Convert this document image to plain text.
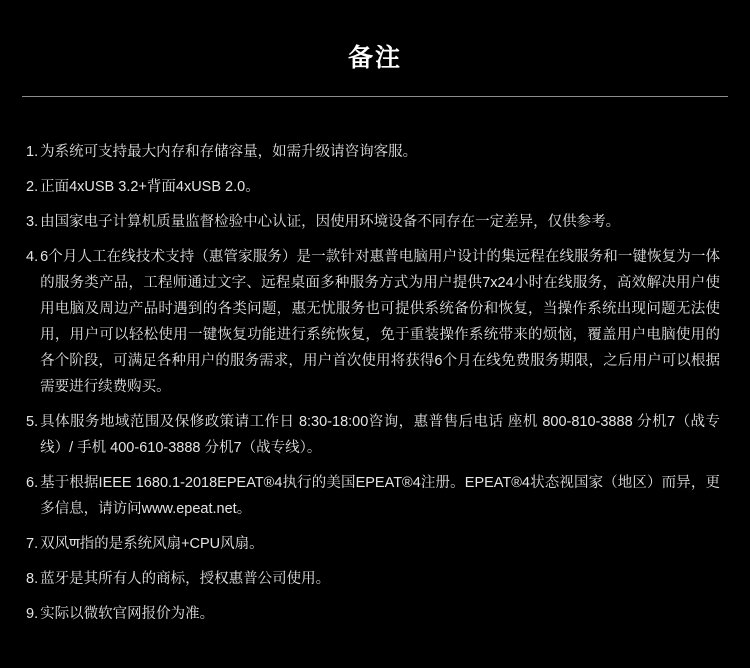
备注
1. 为系统可支持最大内存和存储容量，如需升级请咨询客服。
2. 正面4xUSB 3.2+背面4xUSB 2.0。
3. 由国家电子计算机质量监督检验中心认证，因使用环境设备不同存在一定差异，仅供参考。
4. 6个月人工在线技术支持（惠管家服务）是一款针对惠普电脑用户设计的集远程在线服务和一键恢复为一体的服务类产品，工程师通过文字、远程桌面多种服务方式为用户提供7x24小时在线服务，高效解决用户使用电脑及周边产品时遇到的各类问题，惠无忧服务也可提供系统备份和恢复，当操作系统出现问题无法使用，用户可以轻松使用一键恢复功能进行系统恢复，免于重装操作系统带来的烦恼，覆盖用户电脑使用的各个阶段，可满足各种用户的服务需求，用户首次使用将获得6个月在线免费服务期限，之后用户可以根据需要进行续费购买。
5. 具体服务地域范围及保修政策请工作日 8:30-18:00咨询，惠普售后电话 座机 800-810-3888 分机7（战专线）/ 手机 400-610-3888 分机7（战专线）。
6. 基于根据IEEE 1680.1-2018EPEAT®4执行的美国EPEAT®4注册。EPEAT®4状态视国家（地区）而异，更多信息，请访问www.epeat.net。
7. 双风ण指的是系统风扇+CPU风扇。
8. 蓝牙是其所有人的商标，授权惠普公司使用。
9. 实际以微软官网报价为准。
